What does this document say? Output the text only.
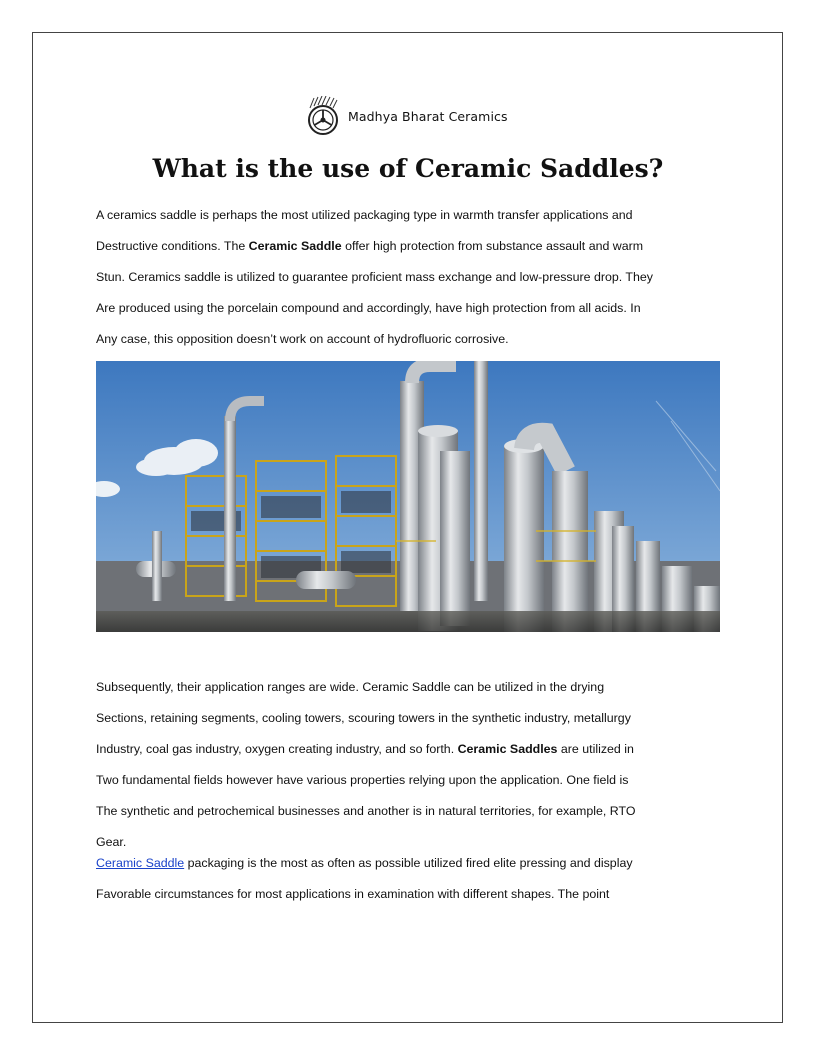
Madhya Bharat Ceramics
What is the use of Ceramic Saddles?

A ceramics saddle is perhaps the most utilized packaging type in warmth transfer applications and
Destructive conditions. The Ceramic Saddle offer high protection from substance assault and warm
Stun. Ceramics saddle is utilized to guarantee proficient mass exchange and low-pressure drop. They
Are produced using the porcelain compound and accordingly, have high protection from all acids. In
Any case, this opposition doesn’t work on account of hydrofluoric corrosive.

Subsequently, their application ranges are wide. Ceramic Saddle can be utilized in the drying
Sections, retaining segments, cooling towers, scouring towers in the synthetic industry, metallurgy
Industry, coal gas industry, oxygen creating industry, and so forth. Ceramic Saddles are utilized in
Two fundamental fields however have various properties relying upon the application. One field is
The synthetic and petrochemical businesses and another is in natural territories, for example, RTO
Gear.
Ceramic Saddle packaging is the most as often as possible utilized fired elite pressing and display
Favorable circumstances for most applications in examination with different shapes. The point
